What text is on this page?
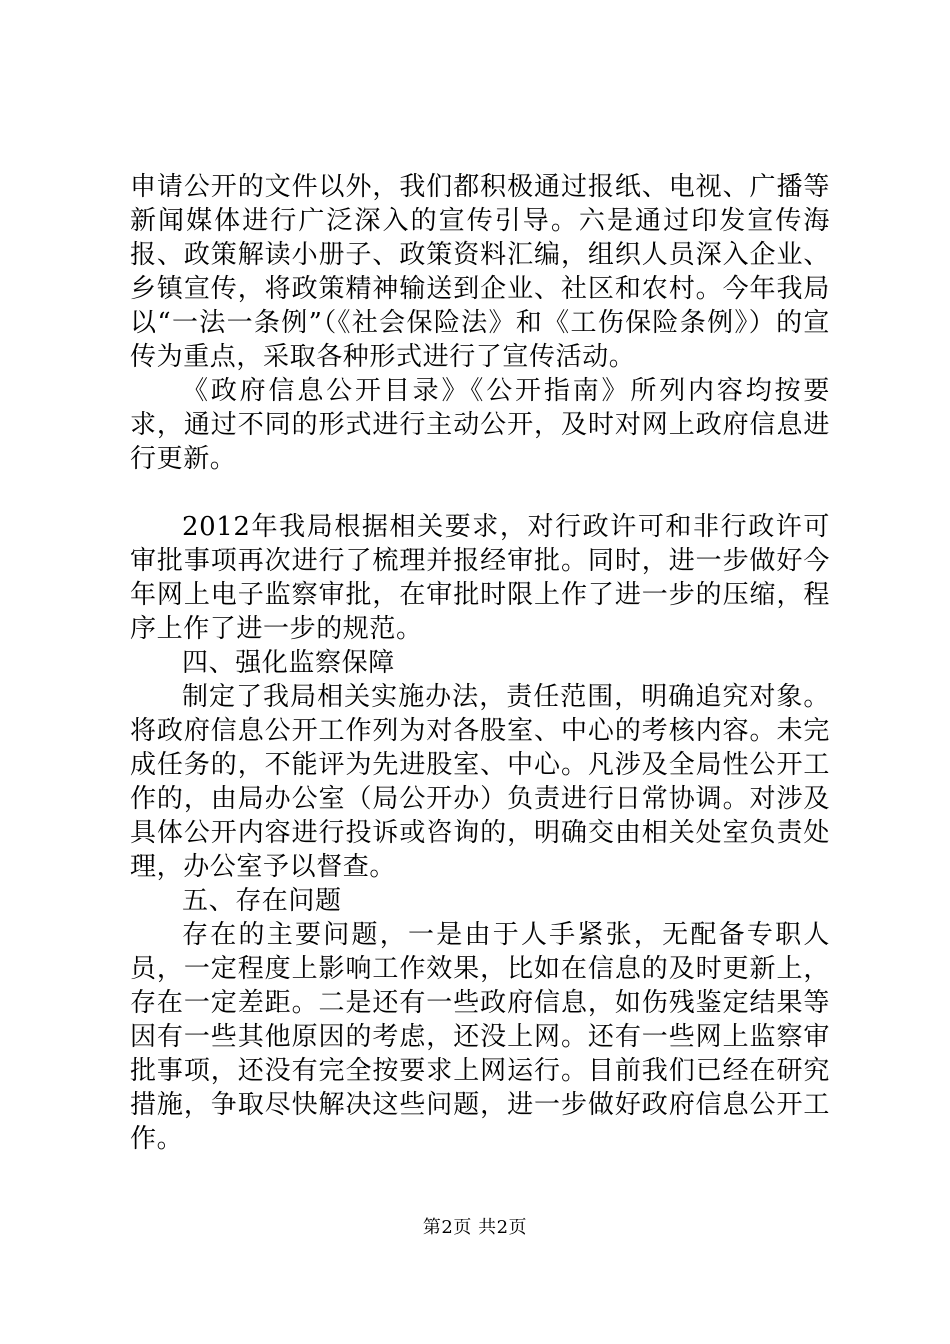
申请公开的文件以外，我们都积极通过报纸、电视、广播等新闻媒体进行广泛深入的宣传引导。六是通过印发宣传海报、政策解读小册子、政策资料汇编，组织人员深入企业、乡镇宣传，将政策精神输送到企业、社区和农村。今年我局以“一法一条例”（《社会保险法》和《工伤保险条例》）的宣传为重点，采取各种形式进行了宣传活动。

《政府信息公开目录》《公开指南》所列内容均按要求，通过不同的形式进行主动公开，及时对网上政府信息进行更新。

2012年我局根据相关要求，对行政许可和非行政许可审批事项再次进行了梳理并报经审批。同时，进一步做好今年网上电子监察审批，在审批时限上作了进一步的压缩，程序上作了进一步的规范。

四、强化监察保障

制定了我局相关实施办法，责任范围，明确追究对象。将政府信息公开工作列为对各股室、中心的考核内容。未完成任务的，不能评为先进股室、中心。凡涉及全局性公开工作的，由局办公室（局公开办）负责进行日常协调。对涉及具体公开内容进行投诉或咨询的，明确交由相关处室负责处理，办公室予以督查。

五、存在问题

存在的主要问题，一是由于人手紧张，无配备专职人员，一定程度上影响工作效果，比如在信息的及时更新上，存在一定差距。二是还有一些政府信息，如伤残鉴定结果等因有一些其他原因的考虑，还没上网。还有一些网上监察审批事项，还没有完全按要求上网运行。目前我们已经在研究措施，争取尽快解决这些问题，进一步做好政府信息公开工作。

第2页 共2页
